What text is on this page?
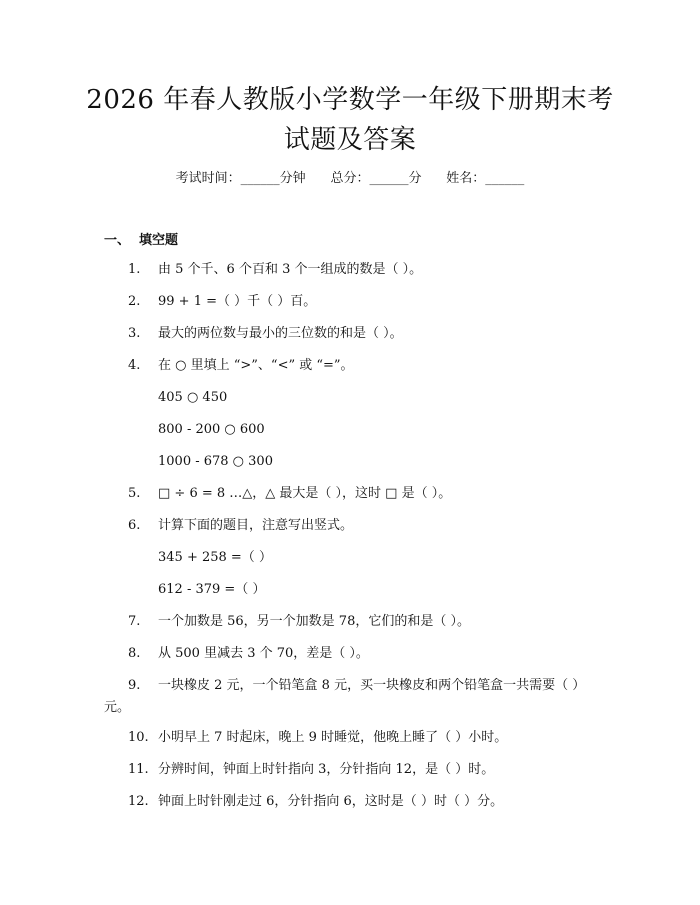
2026 年春人教版小学数学一年级下册期末考
试题及答案
考试时间：______分钟 总分：______分 姓名：______
一、  填空题
1. 由 5 个千、6 个百和 3 个一组成的数是（ ）。
2. 99 + 1 =（ ）千（ ）百。
3. 最大的两位数与最小的三位数的和是（ ）。
4. 在 ○ 里填上 “>”、“<” 或 “=”。
405 ○ 450
800 - 200 ○ 600
1000 - 678 ○ 300
5. □ ÷ 6 = 8 …△，△ 最大是（ ），这时 □ 是（ ）。
6. 计算下面的题目，注意写出竖式。
345 + 258 =（ ）
612 - 379 =（ ）
7. 一个加数是 56，另一个加数是 78，它们的和是（ ）。
8. 从 500 里减去 3 个 70，差是（ ）。
9. 一块橡皮 2 元，一个铅笔盒 8 元，买一块橡皮和两个铅笔盒一共需要（ ）元。
10. 小明早上 7 时起床，晚上 9 时睡觉，他晚上睡了（ ）小时。
11. 分辨时间，钟面上时针指向 3，分针指向 12，是（ ）时。
12. 钟面上时针刚走过 6，分针指向 6，这时是（ ）时（ ）分。
